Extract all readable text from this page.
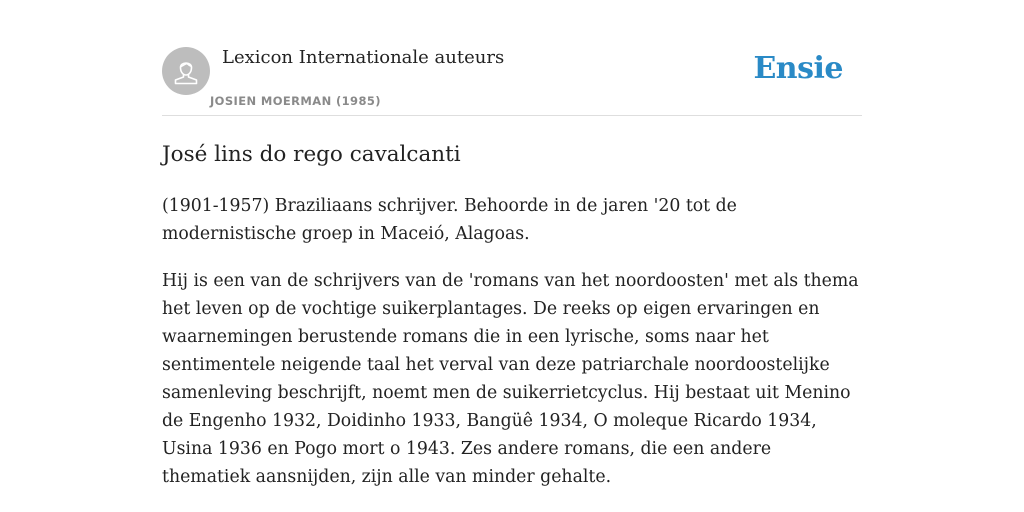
Lexicon Internationale auteurs
JOSIEN MOERMAN (1985)
Ensie
José lins do rego cavalcanti

(1901-1957) Braziliaans schrijver. Behoorde in de jaren '20 tot de modernistische groep in Maceió, Alagoas.

Hij is een van de schrijvers van de 'romans van het noordoosten' met als thema het leven op de vochtige suikerplantages. De reeks op eigen ervaringen en waarnemingen berustende romans die in een lyrische, soms naar het sentimentele neigende taal het verval van deze patriarchale noordoostelijke samenleving beschrijft, noemt men de suikerrietcyclus. Hij bestaat uit Menino de Engenho 1932, Doidinho 1933, Bangüê 1934, O moleque Ricardo 1934, Usina 1936 en Pogo mort o 1943. Zes andere romans, die een andere thematiek aansnijden, zijn alle van minder gehalte.
